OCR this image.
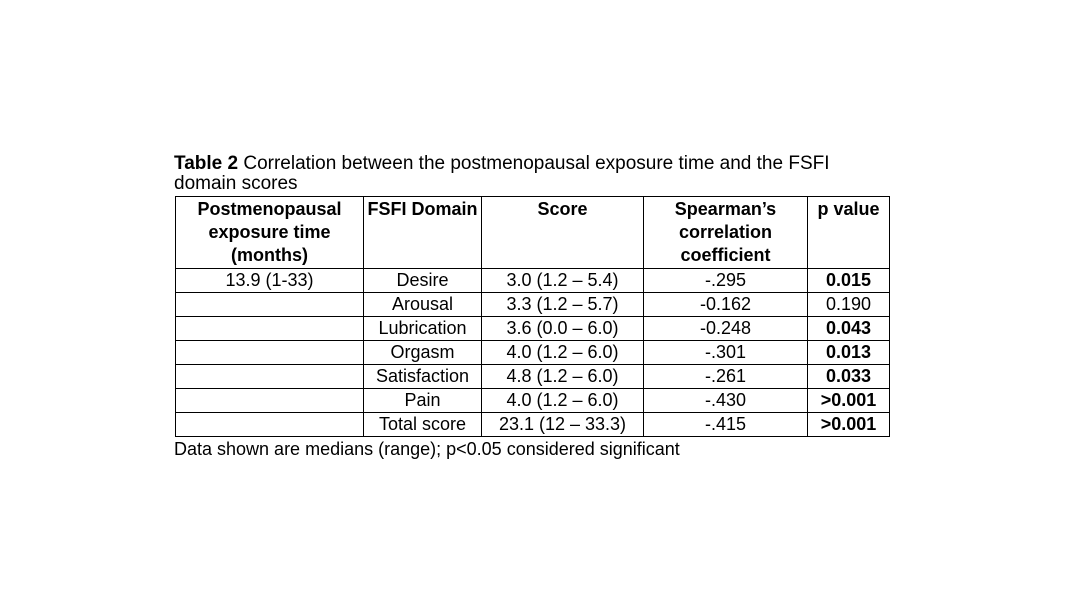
Table 2 Correlation between the postmenopausal exposure time and the FSFI domain scores

Postmenopausal exposure time (months)	FSFI Domain	Score	Spearman’s correlation coefficient	p value
13.9 (1-33)	Desire	3.0 (1.2 – 5.4)	-.295	0.015
	Arousal	3.3 (1.2 – 5.7)	-0.162	0.190
	Lubrication	3.6 (0.0 – 6.0)	-0.248	0.043
	Orgasm	4.0 (1.2 – 6.0)	-.301	0.013
	Satisfaction	4.8 (1.2 – 6.0)	-.261	0.033
	Pain	4.0 (1.2 – 6.0)	-.430	>0.001
	Total score	23.1 (12 – 33.3)	-.415	>0.001
Data shown are medians (range); p<0.05 considered significant
